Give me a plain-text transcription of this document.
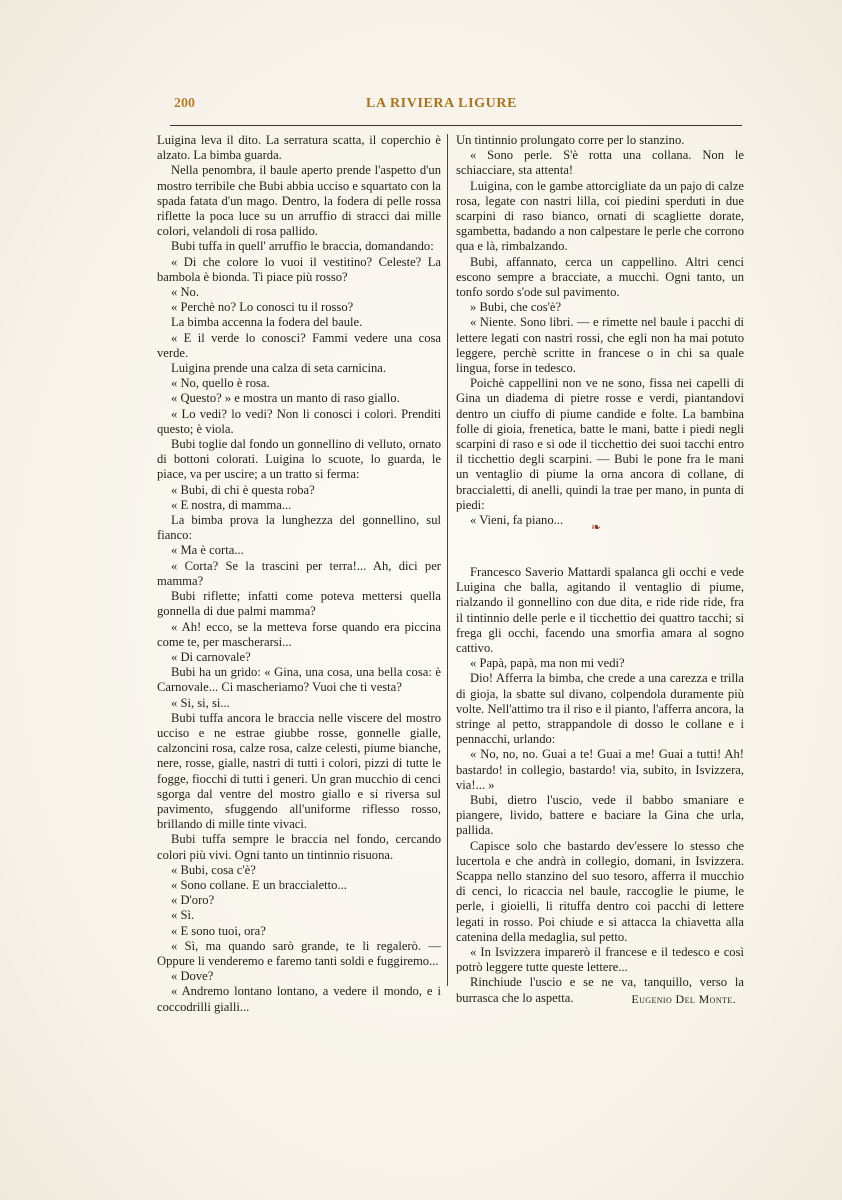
200	LA RIVIERA LIGURE

Luigina leva il dito. La serratura scatta, il coperchio è alzato. La bimba guarda.

Nella penombra, il baule aperto prende l'aspetto d'un mostro terribile che Bubi abbia ucciso e squartato con la spada fatata d'un mago. Dentro, la fodera di pelle rossa riflette la poca luce su un arruffio di stracci dai mille colori, velandoli di rosa pallido.

Bubi tuffa in quell' arruffio le braccia, domandando:

« Di che colore lo vuoi il vestitino? Celeste? La bambola è bionda. Ti piace più rosso?

« No.

« Perchè no? Lo conosci tu il rosso?

La bimba accenna la fodera del baule.

« E il verde lo conosci? Fammi vedere una cosa verde.

Luigina prende una calza di seta carnicina.

« No, quello è rosa.

« Questo? » e mostra un manto di raso giallo.

« Lo vedi? lo vedi? Non li conosci i colori. Prenditi questo; è viola.

Bubi toglie dal fondo un gonnellino di velluto, ornato di bottoni colorati. Luigina lo scuote, lo guarda, le piace, va per uscire; a un tratto si ferma:

« Bubi, di chi è questa roba?

« E nostra, di mamma...

La bimba prova la lunghezza del gonnellino, sul fianco:

« Ma è corta...

« Corta? Se la trascini per terra!... Ah, dici per mamma?

Bubi riflette; infatti come poteva mettersi quella gonnella di due palmi mamma?

« Ah! ecco, se la metteva forse quando era piccina come te, per mascherarsi...

« Di carnovale?

Bubi ha un grido: « Gina, una cosa, una bella cosa: è Carnovale... Ci mascheriamo? Vuoi che ti vesta?

« Si, si, si...

Bubi tuffa ancora le braccia nelle viscere del mostro ucciso e ne estrae giubbe rosse, gonnelle gialle, calzoncini rosa, calze rosa, calze celesti, piume bianche, nere, rosse, gialle, nastri di tutti i colori, pizzi di tutte le fogge, fiocchi di tutti i generi. Un gran mucchio di cenci sgorga dal ventre del mostro giallo e si riversa sul pavimento, sfuggendo all'uniforme riflesso rosso, brillando di mille tinte vivaci.

Bubi tuffa sempre le braccia nel fondo, cercando colori più vivi. Ogni tanto un tintinnio risuona.

« Bubi, cosa c'è?

« Sono collane. E un braccialetto...

« D'oro?

« Sì.

« E sono tuoi, ora?

« Sì, ma quando sarò grande, te li regalerò. — Oppure li venderemo e faremo tanti soldi e fuggiremo...

« Dove?

« Andremo lontano lontano, a vedere il mondo, e i coccodrilli gialli...

Un tintinnio prolungato corre per lo stanzino.

« Sono perle. S'è rotta una collana. Non le schiacciare, sta attenta!

Luigina, con le gambe attorcigliate da un pajo di calze rosa, legate con nastri lilla, coi piedini sperduti in due scarpini di raso bianco, ornati di scagliette dorate, sgambetta, badando a non calpestare le perle che corrono qua e là, rimbalzando.

Bubi, affannato, cerca un cappellino. Altri cenci escono sempre a bracciate, a mucchi. Ogni tanto, un tonfo sordo s'ode sul pavimento.

» Bubi, che cos'è?

« Niente. Sono libri. — e rimette nel baule i pacchi di lettere legati con nastri rossi, che egli non ha mai potuto leggere, perchè scritte in francese o in chi sa quale lingua, forse in tedesco.

Poichè cappellini non ve ne sono, fissa nei capelli di Gina un diadema di pietre rosse e verdi, piantandovi dentro un ciuffo di piume candide e folte. La bambina folle di gioia, frenetica, batte le mani, batte i piedi negli scarpini di raso e si ode il ticchettio dei suoi tacchi entro il ticchettio degli scarpini. — Bubi le pone fra le mani un ventaglio di piume la orna ancora di collane, di braccialetti, di anelli, quindi la trae per mano, in punta di piedi:

« Vieni, fa piano...	❧

Francesco Saverio Mattardi spalanca gli occhi e vede Luigina che balla, agitando il ventaglio di piume, rialzando il gonnellino con due dita, e ride ride ride, fra il tintinnio delle perle e il ticchettio dei quattro tacchi; si frega gli occhi, facendo una smorfia amara al sogno cattivo.

« Papà, papà, ma non mi vedi?

Dio! Afferra la bimba, che crede a una carezza e trilla di gioja, la sbatte sul divano, colpendola duramente più volte. Nell'attimo tra il riso e il pianto, l'afferra ancora, la stringe al petto, strappandole di dosso le collane e i pennacchi, urlando:

« No, no, no. Guai a te! Guai a me! Guai a tutti! Ah! bastardo! in collegio, bastardo! via, subito, in Isvizzera, via!... »

Bubi, dietro l'uscio, vede il babbo smaniare e piangere, livido, battere e baciare la Gina che urla, pallida.

Capisce solo che bastardo dev'essere lo stesso che lucertola e che andrà in collegio, domani, in Isvizzera. Scappa nello stanzino del suo tesoro, afferra il mucchio di cenci, lo ricaccia nel baule, raccoglie le piume, le perle, i gioielli, li rituffa dentro coi pacchi di lettere legati in rosso. Poi chiude e si attacca la chiavetta alla catenina della medaglia, sul petto.

« In Isvizzera imparerò il francese e il tedesco e così potrò leggere tutte queste lettere...

Rinchiude l'uscio e se ne va, tanquillo, verso la burrasca che lo aspetta.	Eugenio Del Monte.
